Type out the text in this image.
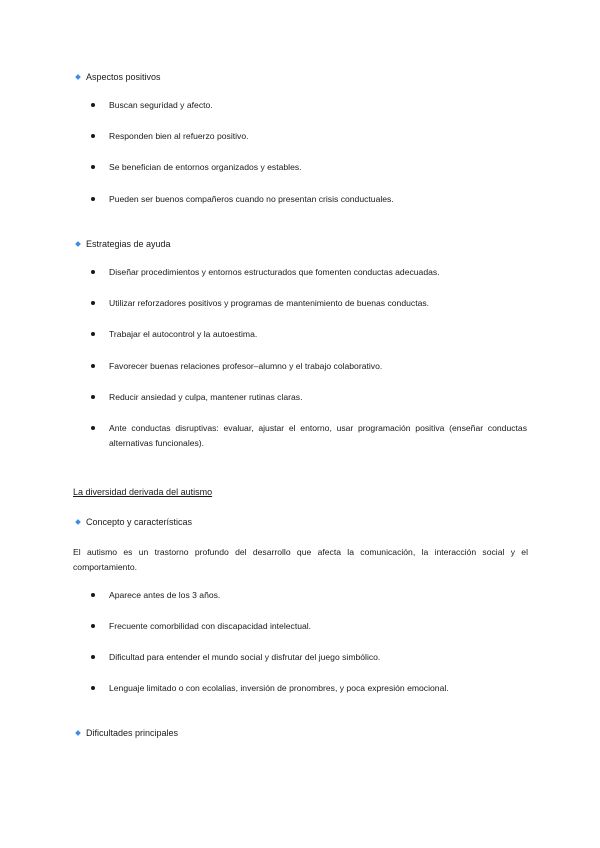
Aspectos positivos
Buscan seguridad y afecto.
Responden bien al refuerzo positivo.
Se benefician de entornos organizados y estables.
Pueden ser buenos compañeros cuando no presentan crisis conductuales.
Estrategias de ayuda
Diseñar procedimientos y entornos estructurados que fomenten conductas adecuadas.
Utilizar reforzadores positivos y programas de mantenimiento de buenas conductas.
Trabajar el autocontrol y la autoestima.
Favorecer buenas relaciones profesor–alumno y el trabajo colaborativo.
Reducir ansiedad y culpa, mantener rutinas claras.
Ante conductas disruptivas: evaluar, ajustar el entorno, usar programación positiva (enseñar conductas alternativas funcionales).
La diversidad derivada del autismo
Concepto y características
El autismo es un trastorno profundo del desarrollo que afecta la comunicación, la interacción social y el comportamiento.
Aparece antes de los 3 años.
Frecuente comorbilidad con discapacidad intelectual.
Dificultad para entender el mundo social y disfrutar del juego simbólico.
Lenguaje limitado o con ecolalias, inversión de pronombres, y poca expresión emocional.
Dificultades principales
